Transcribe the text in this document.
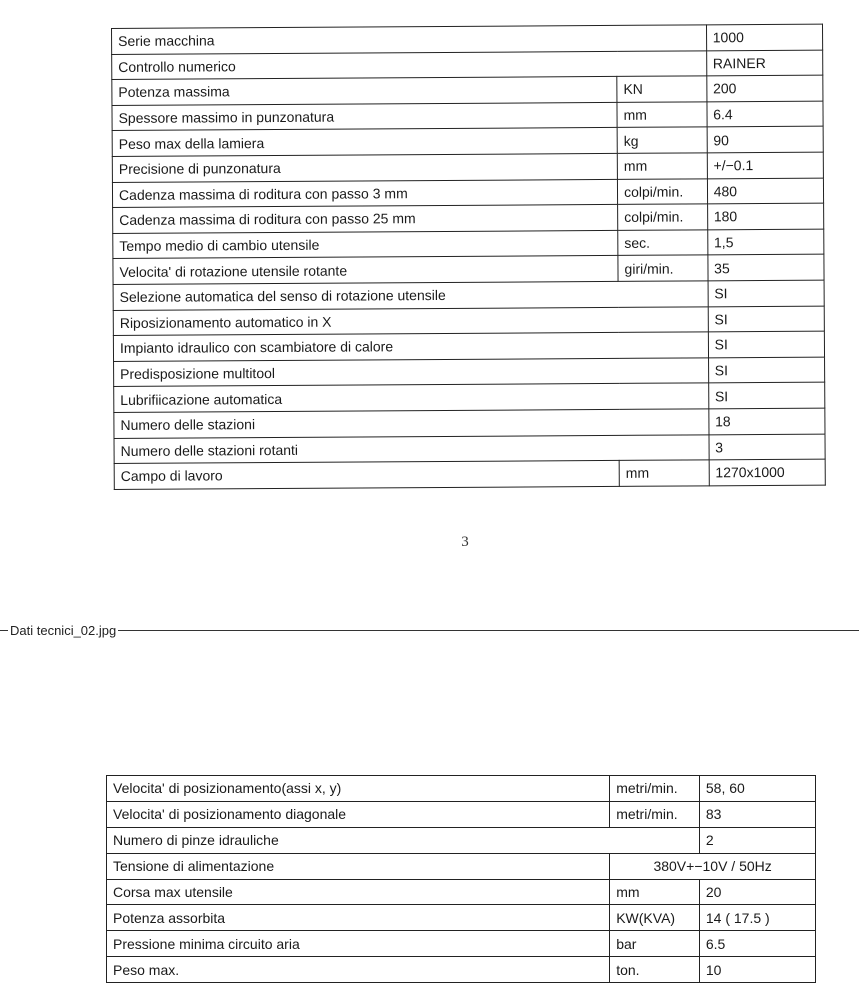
Serie macchina		1000
Controllo numerico		RAINER
Potenza massima	KN	200
Spessore massimo in punzonatura	mm	6.4
Peso max della lamiera	kg	90
Precisione di punzonatura	mm	+/−0.1
Cadenza massima di roditura con passo 3 mm	colpi/min.	480
Cadenza massima di roditura con passo 25 mm	colpi/min.	180
Tempo medio di cambio utensile	sec.	1,5
Velocita' di rotazione utensile rotante	giri/min.	35
Selezione automatica del senso di rotazione utensile		SI
Riposizionamento automatico in X		SI
Impianto idraulico con scambiatore di calore		SI
Predisposizione multitool		SI
Lubrifiicazione automatica		SI
Numero delle stazioni		18
Numero delle stazioni rotanti		3
Campo di lavoro	mm	1270x1000
3
Dati tecnici_02.jpg
Velocita' di posizionamento(assi x, y)	metri/min.	58, 60
Velocita' di posizionamento diagonale	metri/min.	83
Numero di pinze idrauliche		2
Tensione di alimentazione	380V+−10V / 50Hz	
Corsa max utensile	mm	20
Potenza assorbita	KW(KVA)	14 ( 17.5 )
Pressione minima circuito aria	bar	6.5
Peso max.	ton.	10
